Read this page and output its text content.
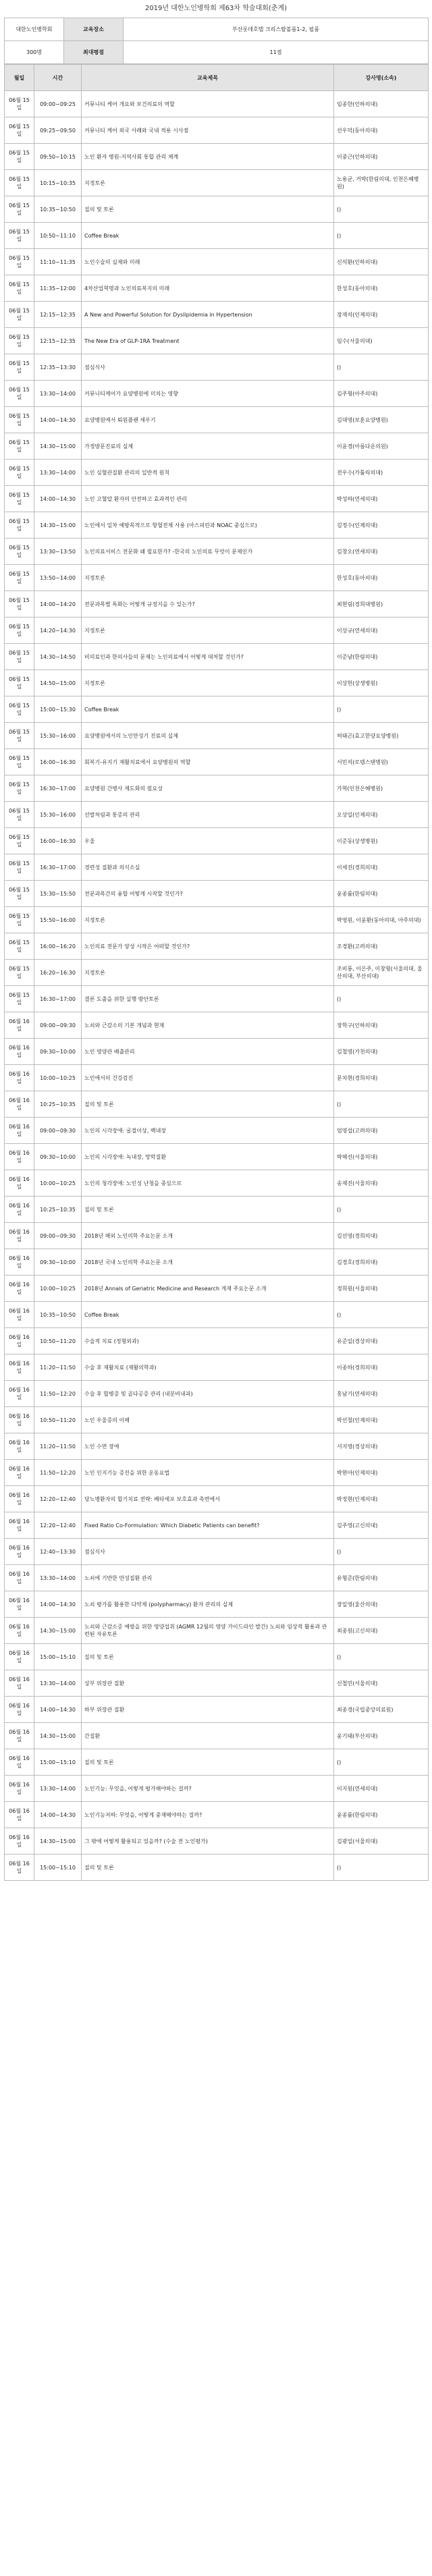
2019년 대한노인병학회 제63차 학술대회(춘계)
대한노인병학회	교육장소	부산롯데호텔 크리스탈볼룸1-2, 펄룸
300명	최대평점	11점
월일	시간	교육제목	강사명(소속)
06월 15일	09:00~09:25	커뮤니티 케어 개요와 보건의료의 역할	임종한(인하의대)
06월 15일	09:25~09:50	커뮤니티 케어 외국 사례와 국내 적용 시사점	선우덕(동아의대)
06월 15일	09:50~10:15	노인 환자 병원-지역사회 통합 관리 체계	이중근(인하의대)
06월 15일	10:15~10:35	지정토론	노용균, 거박(한림의대, 인천은혜병원)
06월 15일	10:35~10:50	질의 및 토론	()
06월 15일	10:50~11:10	Coffee Break	()
06월 15일	11:10~11:35	노인수술의 실제와 미래	신석환(인하의대)
06월 15일	11:35~12:00	4차산업혁명과 노인의료복지의 미래	한성호(동아의대)
06월 15일	12:15~12:35	A New and Powerful Solution for Dyslipidemia in Hypertension	장재석(인제의대)
06월 15일	12:15~12:35	The New Era of GLP-1RA Treatment	임수(서울의대)
06월 15일	12:35~13:30	점심식사	()
06월 15일	13:30~14:00	커뮤니티케어가 요양병원에 미치는 영향	김주형(아주의대)
06월 15일	14:00~14:30	요양병원에서 퇴원플랜 세우기	김대영(보훈요양병원)
06월 15일	14:30~15:00	가정방문진료의 실제	이윤경(아름다운의원)
06월 15일	13:30~14:00	노인 심혈관질환 관리의 일반적 원칙	전우수(가톨릭의대)
06월 15일	14:00~14:30	노인 고혈압 환자의 안전하고 효과적인 관리	박성하(연세의대)
06월 15일	14:30~15:00	노인에서 일차 예방목적으로 항혈전제 사용 (아스피린과 NOAC 중심으로)	김정수(인제의대)
06월 15일	13:30~13:50	노인의료서비스 전문화 왜 필요한가? -한국의 노인의료 무엇이 문제인가	김창오(연세의대)
06월 15일	13:50~14:00	지정토론	한성호(동아의대)
06월 15일	14:00~14:20	전문과목별 특화는 어떻게 규정지을 수 있는가?	최현림(경희대병원)
06월 15일	14:20~14:30	지정토론	이상규(연세의대)
06월 15일	14:30~14:50	비의료인과 한의사들의 문제는 노인의료에서 어떻게 대처할 것인가?	이준남(한림의대)
06월 15일	14:50~15:00	지정토론	이상헌(상생병원)
06월 15일	15:00~15:30	Coffee Break	()
06월 15일	15:30~16:00	요양병원에서의 노인만성기 진료의 실제	허태곤(효고한양요양병원)
06월 15일	16:00~16:30	회복기-유지기 재활치료에서 요양병원의 역할	서민석(로뎀스탠병원)
06월 15일	16:30~17:00	요양병원 간병사 제도화의 필요성	가혁(인천은혜병원)
06월 15일	15:30~16:00	선발처림과 통증의 관리	오상일(인제의대)
06월 15일	16:00~16:30	우울	이준동(상생병원)
06월 15일	16:30~17:00	경련성 질환과 의식소실	이세진(경희의대)
06월 15일	15:30~15:50	전문과목간의 융합 어떻게 시작할 것인가?	윤종률(한림의대)
06월 15일	15:50~16:00	지정토론	박영원, 이윤환(동아의대, 아주의대)
06월 15일	16:00~16:20	노인의료 전문가 양성 시작은 어떠할 것인가?	조경환(고려의대)
06월 15일	16:20~16:30	지정토론	조비룡, 이은주, 이창형(서울의대, 울산의대, 부산의대)
06월 15일	16:30~17:00	결론 도출을 위한 실행 방안토론	()
06월 16일	09:00~09:30	노쇠와 근감소의 기본 개념과 현재	장학구(인하의대)
06월 16일	09:30~10:00	노인 영양관 배출관리	김철영(가천의대)
06월 16일	10:00~10:25	노인에서의 건강검진	문치현(경희의대)
06월 16일	10:25~10:35	질의 및 토론	()
06월 16일	09:00~09:30	노인의 시각장애: 굴절이상, 백내장	엄영섭(고려의대)
06월 16일	09:30~10:00	노인의 시각장애: 녹내장, 망막질환	박해선(서울의대)
06월 16일	10:00~10:25	노인의 청각장애: 노인성 난청을 중심으로	송재진(서울의대)
06월 16일	10:25~10:35	질의 및 토론	()
06월 16일	09:00~09:30	2018년 해외 노인의학 주요논문 소개	김선영(경희의대)
06월 16일	09:30~10:00	2018년 국내 노인의학 주요논문 소개	김경호(경희의대)
06월 16일	10:00~10:25	2018년 Annals of Geriatric Medicine and Research 게재 주요논문 소개	정희원(서울의대)
06월 16일	10:35~10:50	Coffee Break	()
06월 16일	10:50~11:20	수술적 치료 (정형외과)	유준일(경상의대)
06월 16일	11:20~11:50	수술 후 재활치료 (재활의학과)	이종하(경희의대)
06월 16일	11:50~12:20	수술 후 합병증 및 골다공증 관리 (내분비내과)	홍남기(연세의대)
06월 16일	10:50~11:20	노인 우울증의 이해	박선철(인제의대)
06월 16일	11:20~11:50	노인 수면 장애	서지영(경상의대)
06월 16일	11:50~12:20	노인 인지기능 증진을 위한 운동요법	박현아(인제의대)
06월 16일	12:20~12:40	당뇨병환자의 합기치료 전략: 베타세포 보호효과 측면에서	박정현(인제의대)
06월 16일	12:20~12:40	Fixed Ratio Co-Formulation: Which Diabetic Patients can benefit?	김주영(고신의대)
06월 16일	12:40~13:30	점심식사	()
06월 16일	13:30~14:00	노쇠에 기반한 만성질환 관리	유형준(한림의대)
06월 16일	14:00~14:30	노쇠 평가를 활용한 다약제 (polypharmacy) 환자 관리의 실제	장일영(울산의대)
06월 16일	14:30~15:00	노쇠와 근감소증 예방을 위한 영양섭취 (AGMR 12월의 영양 가이드라인 발간) 노쇠와 임상적 활용과 관련된 자유토론	최종원(고신의대)
06월 16일	15:00~15:10	질의 및 토론	()
06월 16일	13:30~14:00	상부 위장관 질환	신철민(서울의대)
06월 16일	14:00~14:30	하부 위장관 질환	최종경(국립중앙의료원)
06월 16일	14:30~15:00	간질환	윤기태(부산의대)
06월 16일	15:00~15:10	질의 및 토론	()
06월 16일	13:30~14:00	노인기능: 무엇을, 어떻게 평가해야하는 걸까?	이지원(연세의대)
06월 16일	14:00~14:30	노인기능저하: 무엇을, 어떻게 중재해야하는 걸까?	윤종률(한림의대)
06월 16일	14:30~15:00	그 밖에 어떻게 활용되고 있을까? (수술 전 노인평가)	김광일(서울의대)
06월 16일	15:00~15:10	질의 및 토론	()
